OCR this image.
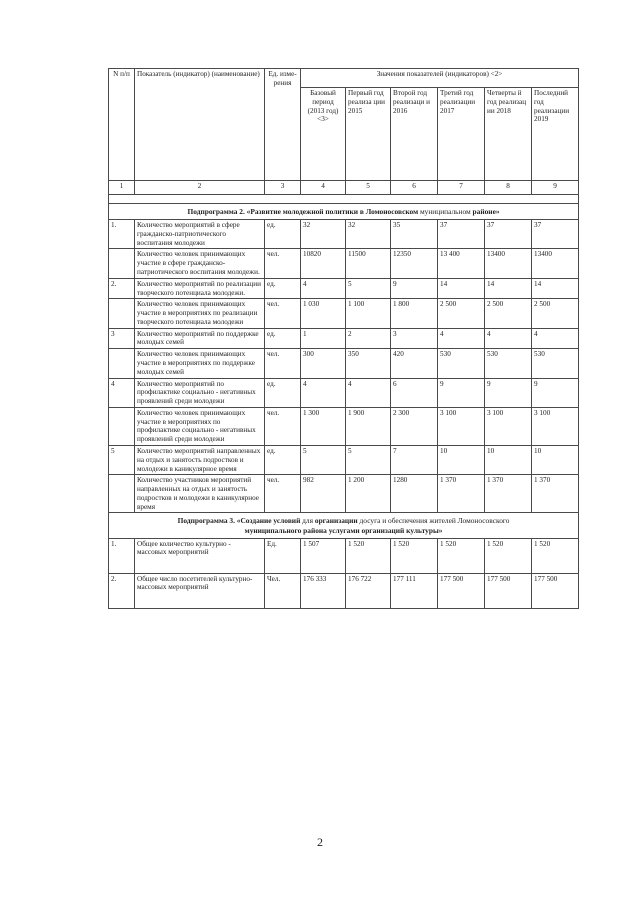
N п/п	Показатель (индикатор) (наименование)	Ед. изме- рения	Значения показателей (индикаторов) <2>					
			Базовый период (2013 год) <3>	Первый год реализа ции 2015	Второй год реализаци и 2016	Третий год реализации 2017	Четверты й год реализац ии 2018	Последний год реализации 2019
1	2	3	4	5	6	7	8	9

Подпрограмма 2. «Развитие молодежной политики в Ломоносовском муниципальном районе»								
1.	Количество мероприятий в сфере гражданско-патриотического воспитания молодежи	ед.	32	32	35	37	37	37
	Количество человек принимающих участие в сфере гражданско-патриотического воспитания молодежи.	чел.	10820	11500	12350	13 400	13400	13400
2.	Количество мероприятий по реализации творческого потенциала молодежи.	ед.	4	5	9	14	14	14
	Количество человек принимающих участие в мероприятиях по реализации творческого потенциала молодежи	чел.	1 030	1 100	1 800	2 500	2 500	2 500
3	Количество мероприятий по поддержке молодых семей	ед.	1	2	3	4	4	4
	Количество человек принимающих участие в мероприятиях по поддержке молодых семей	чел.	300	350	420	530	530	530
4	Количество мероприятий по профилактике социально - негативных проявлений среди молодежи	ед.	4	4	6	9	9	9
	Количество человек принимающих участие в мероприятиях по профилактике социально - негативных проявлений среди молодежи	чел.	1 300	1 900	2 300	3 100	3 100	3 100
5	Количество мероприятий направленных на отдых и занятость подростков и молодежи в каникулярное время	ед.	5	5	7	10	10	10
	Количество участников мероприятий направленных на отдых и занятость подростков и молодежи в каникулярное время	чел.	982	1 200	1280	1 370	1 370	1 370
Подпрограмма 3. «Создание условий для организации досуга и обеспечения жителей Ломоносовского
муниципального района услугами организаций культуры»								
1.	Общее количество культурно - массовых мероприятий	Ед.	1 507	1 520	1 520	1 520	1 520	1 520
2.	Общее число посетителей культурно-массовых мероприятий	Чел.	176 333	176 722	177 111	177 500	177 500	177 500
2
